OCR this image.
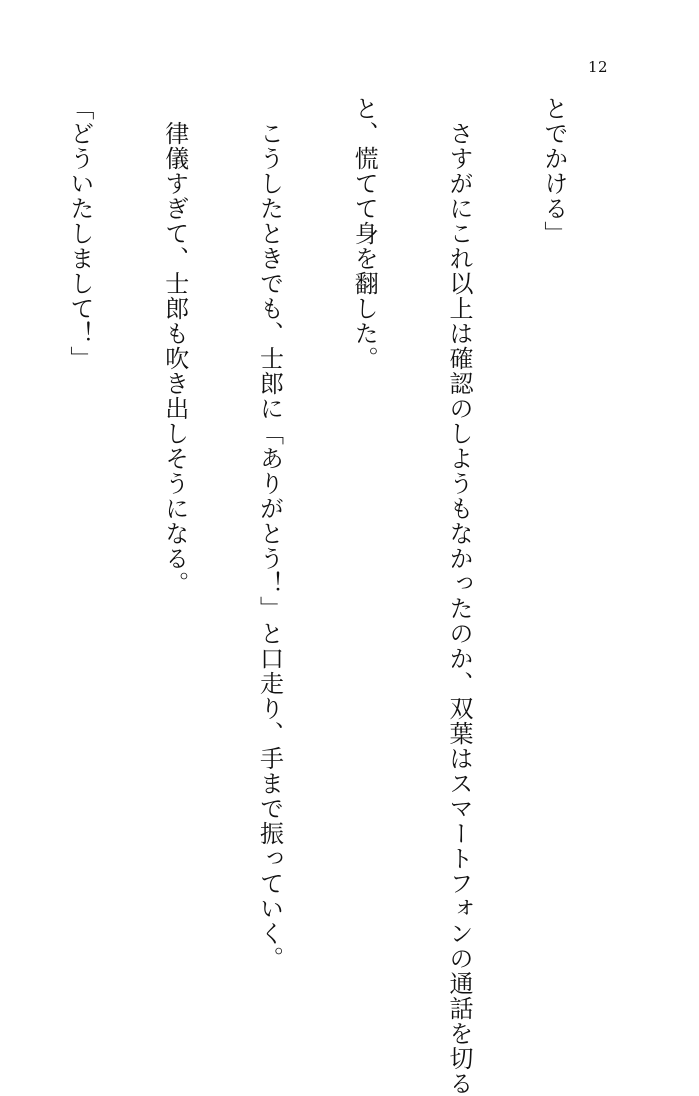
12

とでかける」

　さすがにこれ以上は確認のしようもなかったのか、双葉はスマートフォンの通話を切る

と、慌てて身を翻した。

　こうしたときでも、士郎に「ありがとう！」と口走り、手まで振っていく。

　律儀すぎて、士郎も吹き出しそうになる。

「どういたしまして！」
